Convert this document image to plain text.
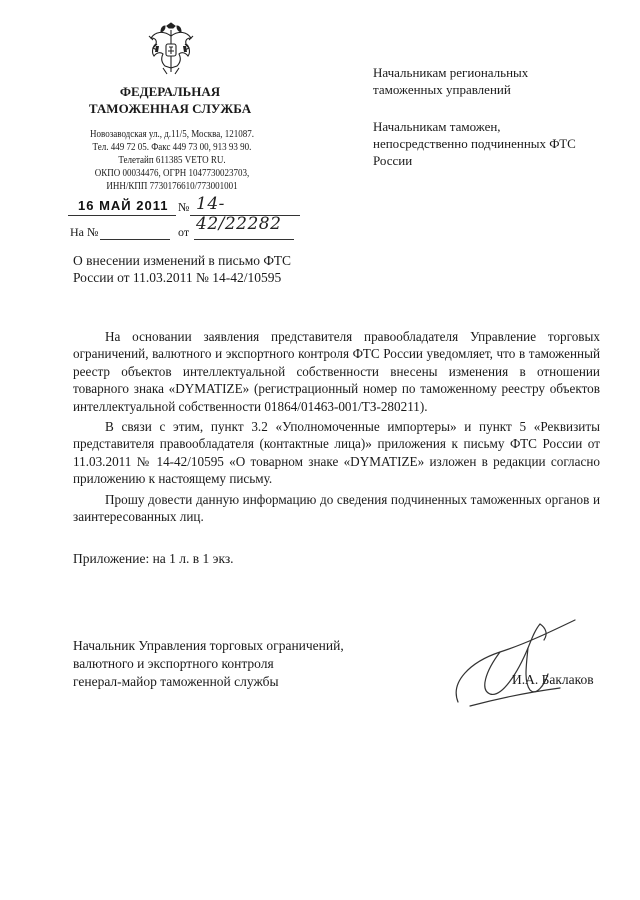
ФЕДЕРАЛЬНАЯ
ТАМОЖЕННАЯ СЛУЖБА
Новозаводская ул., д.11/5, Москва, 121087.
Тел. 449 72 05. Факс 449 73 00, 913 93 90.
Телетайп 611385 VETO RU.
ОКПО 00034476, ОГРН 1047730023703,
ИНН/КПП 7730176610/773001001
16 МАЙ 2011 № 14-42/22282
На №	от
Начальникам региональных таможенных управлений
Начальникам таможен, непосредственно подчиненных ФТС России
О внесении изменений в письмо ФТС России от 11.03.2011 № 14-42/10595

На основании заявления представителя правообладателя Управление торговых ограничений, валютного и экспортного контроля ФТС России уведомляет, что в таможенный реестр объектов интеллектуальной собственности внесены изменения в отношении товарного знака «DYMATIZE» (регистрационный номер по таможенному реестру объектов интеллектуальной собственности 01864/01463-001/ТЗ-280211).

В связи с этим, пункт 3.2 «Уполномоченные импортеры» и пункт 5 «Реквизиты представителя правообладателя (контактные лица)» приложения к письму ФТС России от 11.03.2011 № 14-42/10595 «О товарном знаке «DYMATIZE» изложен в редакции согласно приложению к настоящему письму.

Прошу довести данную информацию до сведения подчиненных таможенных органов и заинтересованных лиц.

Приложение: на 1 л. в 1 экз.
Начальник Управления торговых ограничений,
валютного и экспортного контроля
генерал-майор таможенной службы	И.А. Баклаков
